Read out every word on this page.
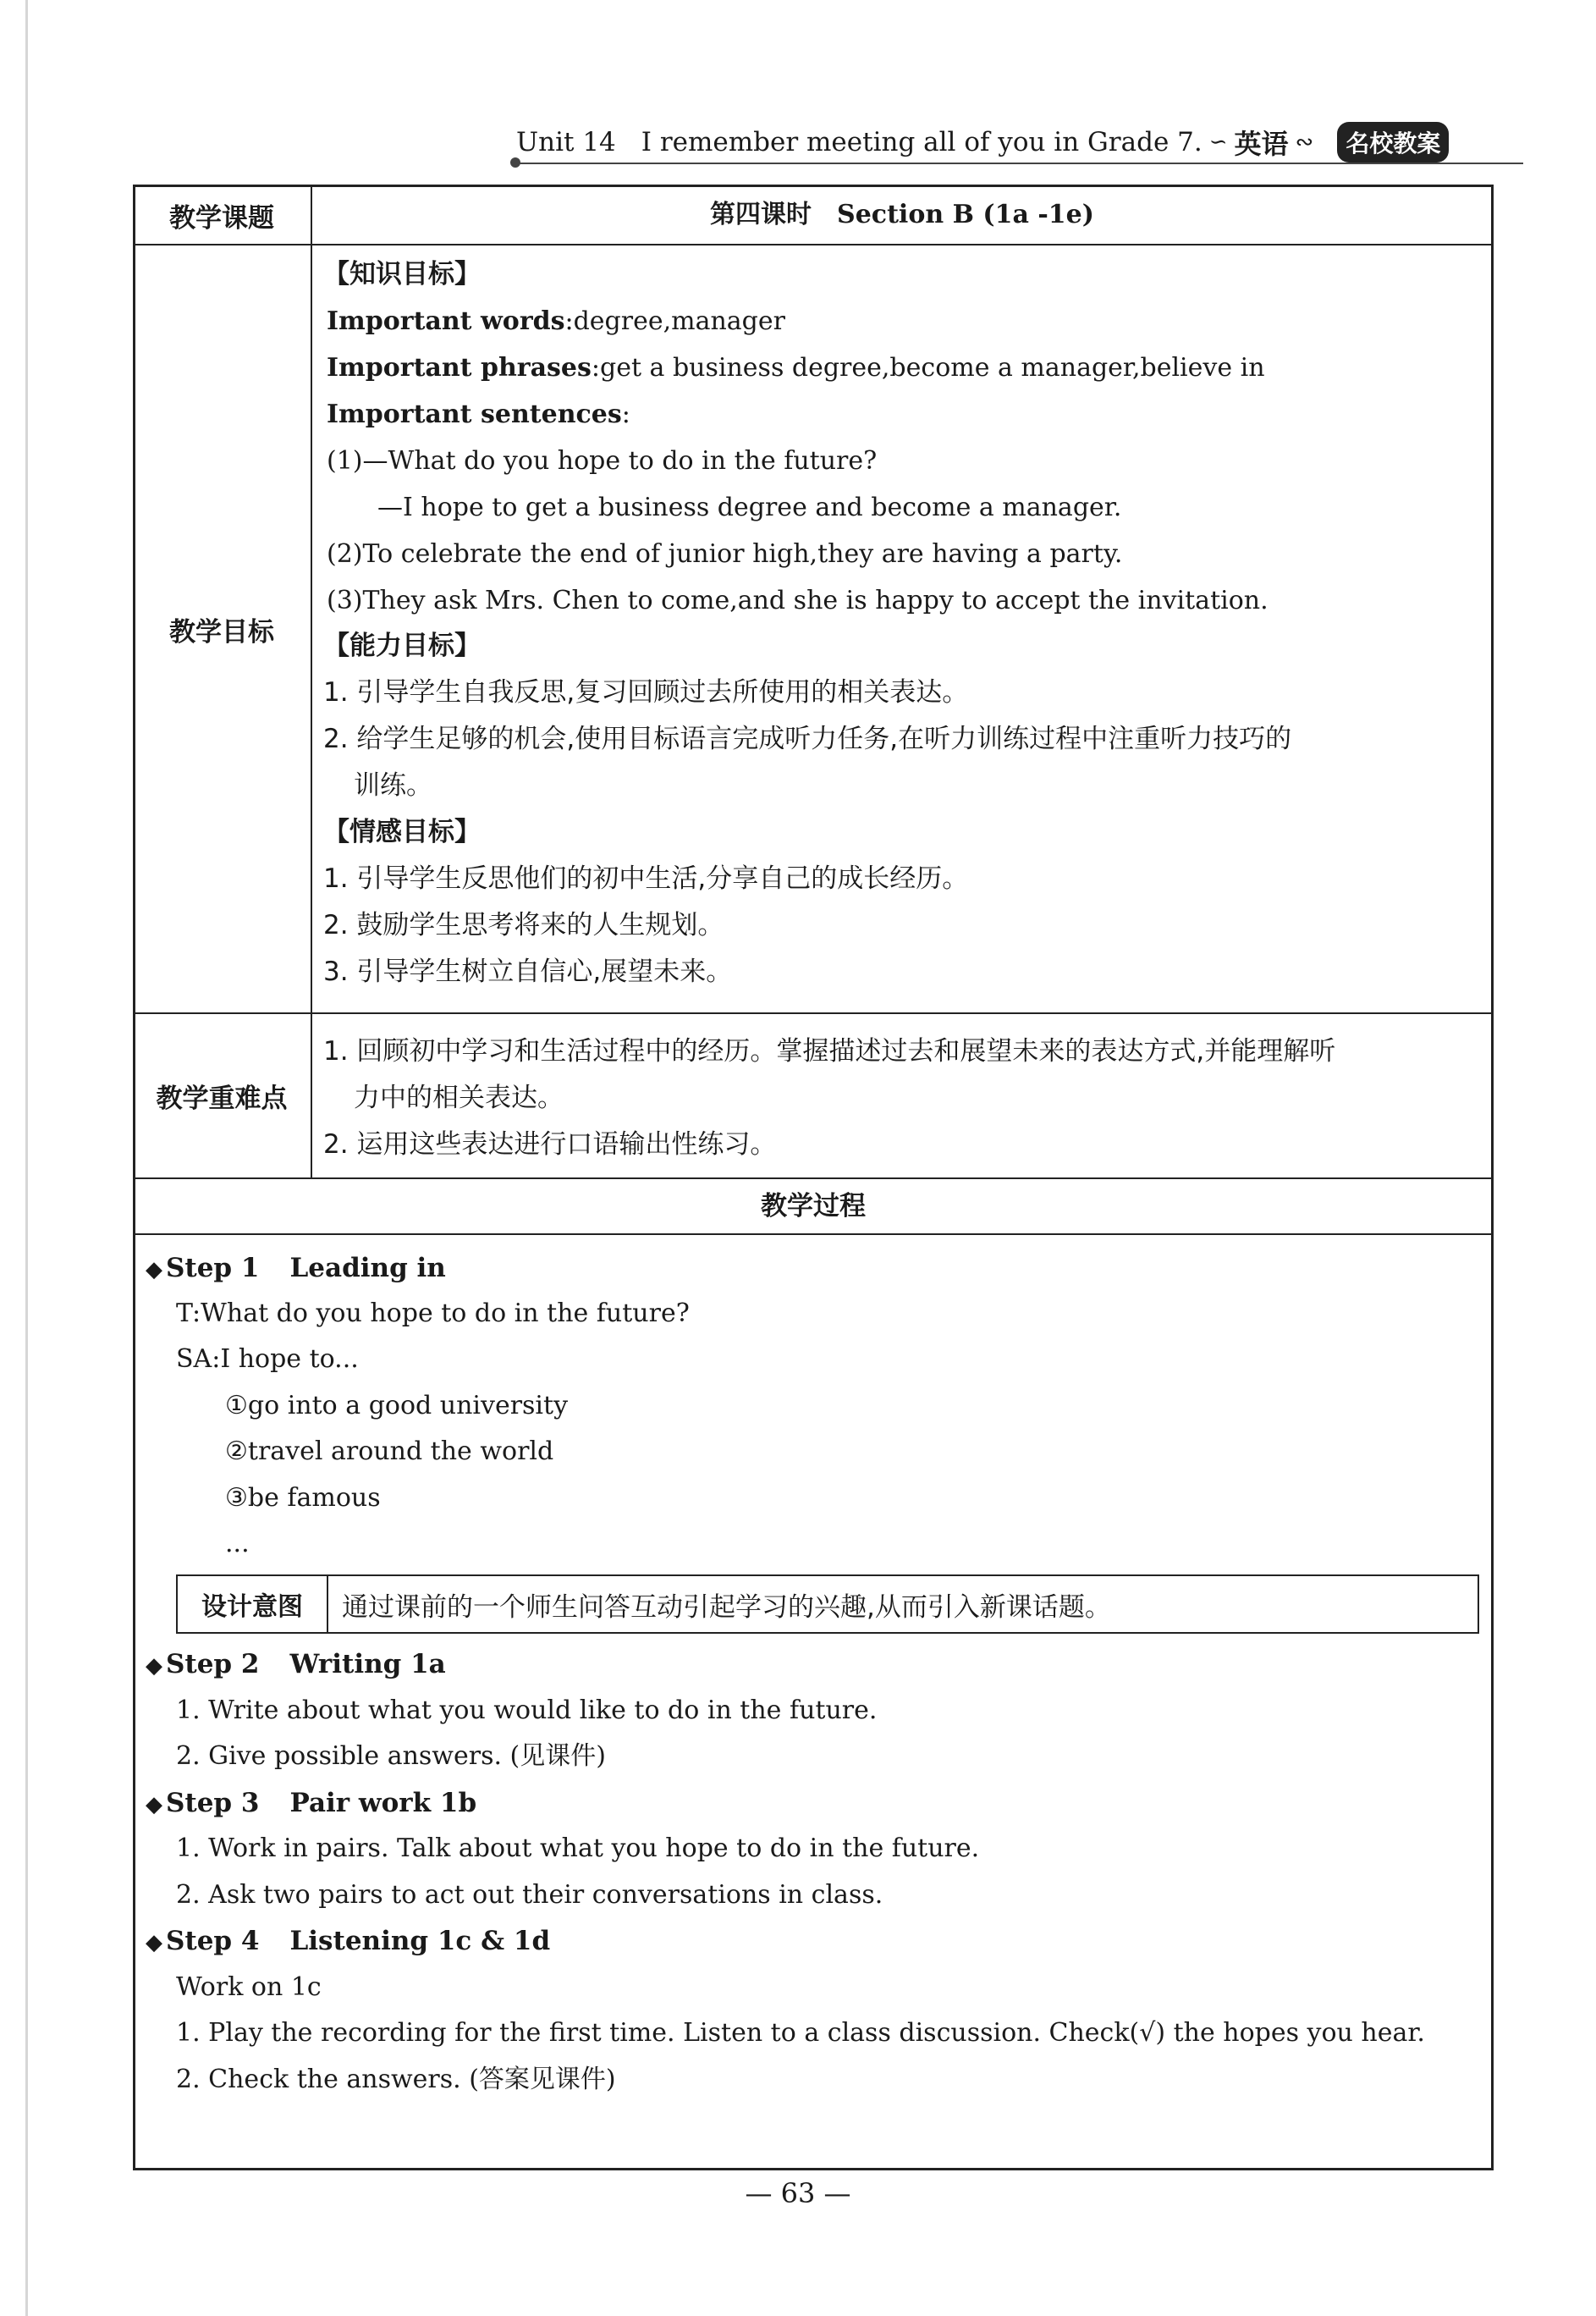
Unit 14 I remember meeting all of you in Grade 7. ∽ 英语 ∾	名校教案
教学课题	第四课时　Section B (1a -1e)
教学目标
【知识目标】
Important words:degree,manager
Important phrases:get a business degree,become a manager,believe in
Important sentences:
(1)—What do you hope to do in the future?
—I hope to get a business degree and become a manager.
(2)To celebrate the end of junior high,they are having a party.
(3)They ask Mrs. Chen to come,and she is happy to accept the invitation.
【能力目标】
1. 引导学生自我反思,复习回顾过去所使用的相关表达。
2. 给学生足够的机会,使用目标语言完成听力任务,在听力训练过程中注重听力技巧的
训练。
【情感目标】
1. 引导学生反思他们的初中生活,分享自己的成长经历。
2. 鼓励学生思考将来的人生规划。
3. 引导学生树立自信心,展望未来。
教学重难点
1. 回顾初中学习和生活过程中的经历。掌握描述过去和展望未来的表达方式,并能理解听
力中的相关表达。
2. 运用这些表达进行口语输出性练习。
教学过程
◆ Step 1 Leading in
T:What do you hope to do in the future?
SA:I hope to...
①go into a good university
②travel around the world
③be famous
...
设计意图	通过课前的一个师生问答互动引起学习的兴趣,从而引入新课话题。
◆ Step 2 Writing 1a
1. Write about what you would like to do in the future.
2. Give possible answers. (见课件)
◆ Step 3 Pair work 1b
1. Work in pairs. Talk about what you hope to do in the future.
2. Ask two pairs to act out their conversations in class.
◆ Step 4 Listening 1c & 1d
Work on 1c
1. Play the recording for the first time. Listen to a class discussion. Check(√) the hopes you hear.
2. Check the answers. (答案见课件)
— 63 —
